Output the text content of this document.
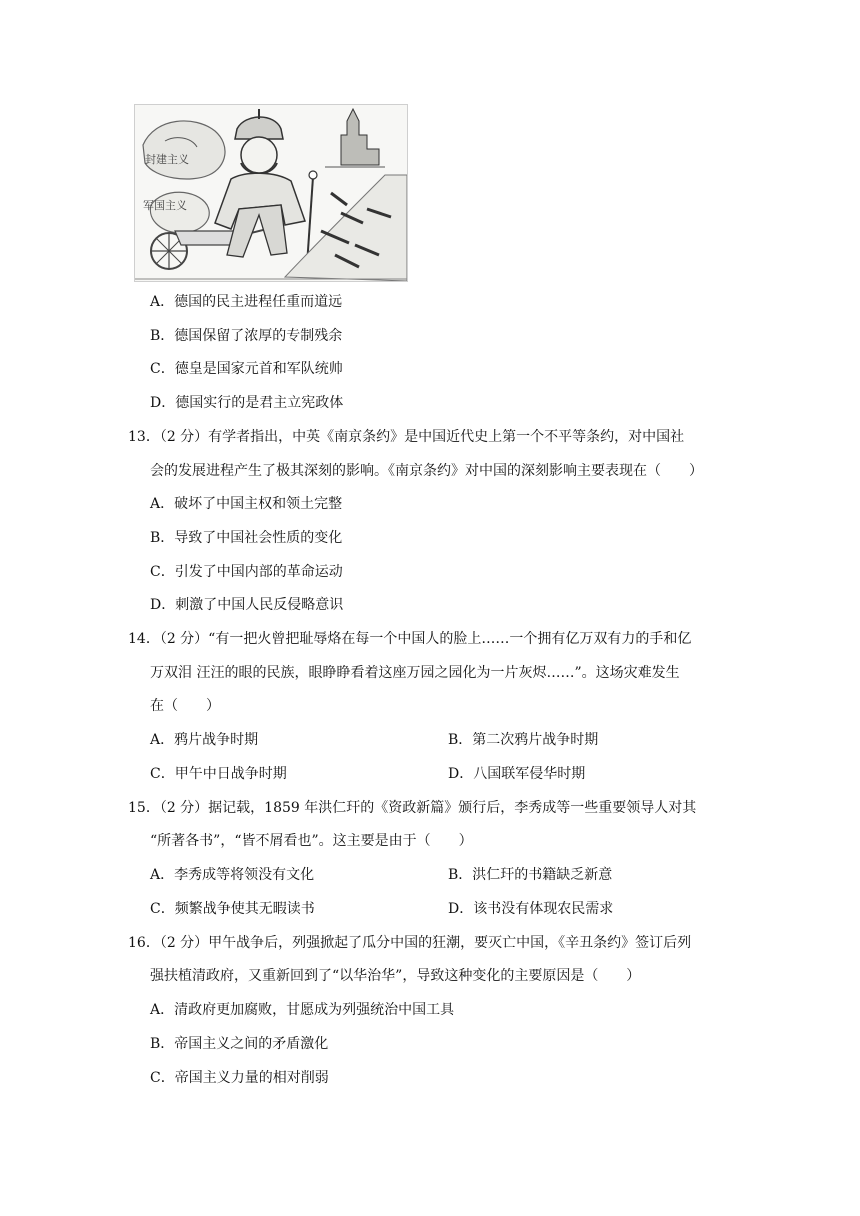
封建主义
军国主义
A．德国的民主进程任重而道远
B．德国保留了浓厚的专制残余
C．德皇是国家元首和军队统帅
D．德国实行的是君主立宪政体
13．（2 分）有学者指出，中英《南京条约》是中国近代史上第一个不平等条约，对中国社
会的发展进程产生了极其深刻的影响。《南京条约》对中国的深刻影响主要表现在（　　）
A．破坏了中国主权和领土完整
B．导致了中国社会性质的变化
C．引发了中国内部的革命运动
D．刺激了中国人民反侵略意识
14．（2 分）“有一把火曾把耻辱烙在每一个中国人的脸上……一个拥有亿万双有力的手和亿
万双泪 汪汪的眼的民族，眼睁睁看着这座万园之园化为一片灰烬……”。这场灾难发生
在（　　）
A．鸦片战争时期	B．第二次鸦片战争时期
C．甲午中日战争时期	D．八国联军侵华时期
15．（2 分）据记载，1859 年洪仁玕的《资政新篇》颁行后，李秀成等一些重要领导人对其
“所著各书”，“皆不屑看也”。这主要是由于（　　）
A．李秀成等将领没有文化	B．洪仁玕的书籍缺乏新意
C．频繁战争使其无暇读书	D．该书没有体现农民需求
16．（2 分）甲午战争后，列强掀起了瓜分中国的狂潮，要灭亡中国，《辛丑条约》签订后列
强扶植清政府，又重新回到了“以华治华”，导致这种变化的主要原因是（　　）
A．清政府更加腐败，甘愿成为列强统治中国工具
B．帝国主义之间的矛盾激化
C．帝国主义力量的相对削弱
